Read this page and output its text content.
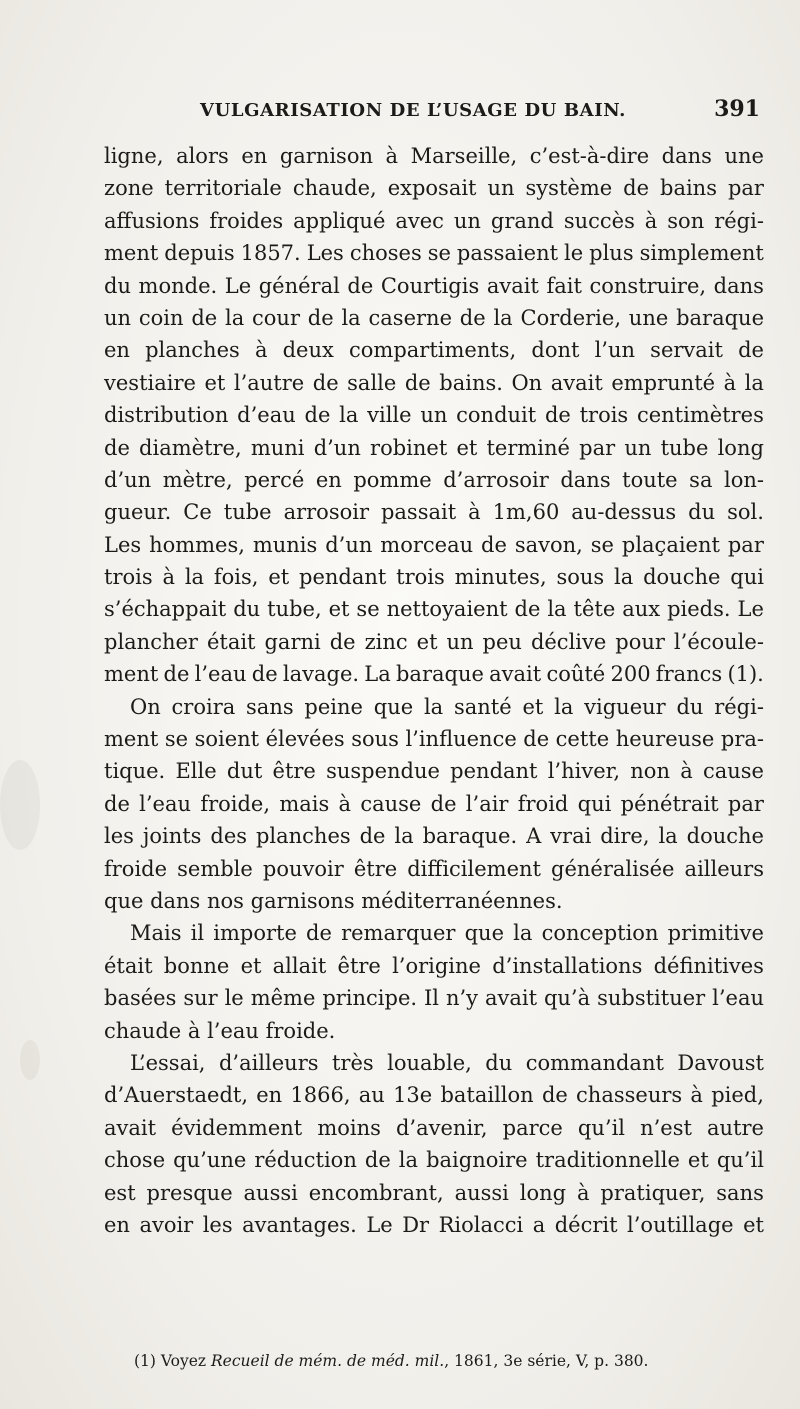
VULGARISATION DE L’USAGE DU BAIN.	391
ligne, alors en garnison à Marseille, c’est-à-dire dans une
zone territoriale chaude, exposait un système de bains par
affusions froides appliqué avec un grand succès à son régi-
ment depuis 1857. Les choses se passaient le plus simplement
du monde. Le général de Courtigis avait fait construire, dans
un coin de la cour de la caserne de la Corderie, une baraque
en planches à deux compartiments, dont l’un servait de
vestiaire et l’autre de salle de bains. On avait emprunté à la
distribution d’eau de la ville un conduit de trois centimètres
de diamètre, muni d’un robinet et terminé par un tube long
d’un mètre, percé en pomme d’arrosoir dans toute sa lon-
gueur. Ce tube arrosoir passait à 1m,60 au-dessus du sol.
Les hommes, munis d’un morceau de savon, se plaçaient par
trois à la fois, et pendant trois minutes, sous la douche qui
s’échappait du tube, et se nettoyaient de la tête aux pieds. Le
plancher était garni de zinc et un peu déclive pour l’écoule-
ment de l’eau de lavage. La baraque avait coûté 200 francs (1).
On croira sans peine que la santé et la vigueur du régi-
ment se soient élevées sous l’influence de cette heureuse pra-
tique. Elle dut être suspendue pendant l’hiver, non à cause
de l’eau froide, mais à cause de l’air froid qui pénétrait par
les joints des planches de la baraque. A vrai dire, la douche
froide semble pouvoir être difficilement généralisée ailleurs
que dans nos garnisons méditerranéennes.
Mais il importe de remarquer que la conception primitive
était bonne et allait être l’origine d’installations définitives
basées sur le même principe. Il n’y avait qu’à substituer l’eau
chaude à l’eau froide.
L’essai, d’ailleurs très louable, du commandant Davoust
d’Auerstaedt, en 1866, au 13e bataillon de chasseurs à pied,
avait évidemment moins d’avenir, parce qu’il n’est autre
chose qu’une réduction de la baignoire traditionnelle et qu’il
est presque aussi encombrant, aussi long à pratiquer, sans
en avoir les avantages. Le Dr Riolacci a décrit l’outillage et
(1) Voyez Recueil de mém. de méd. mil., 1861, 3e série, V, p. 380.
